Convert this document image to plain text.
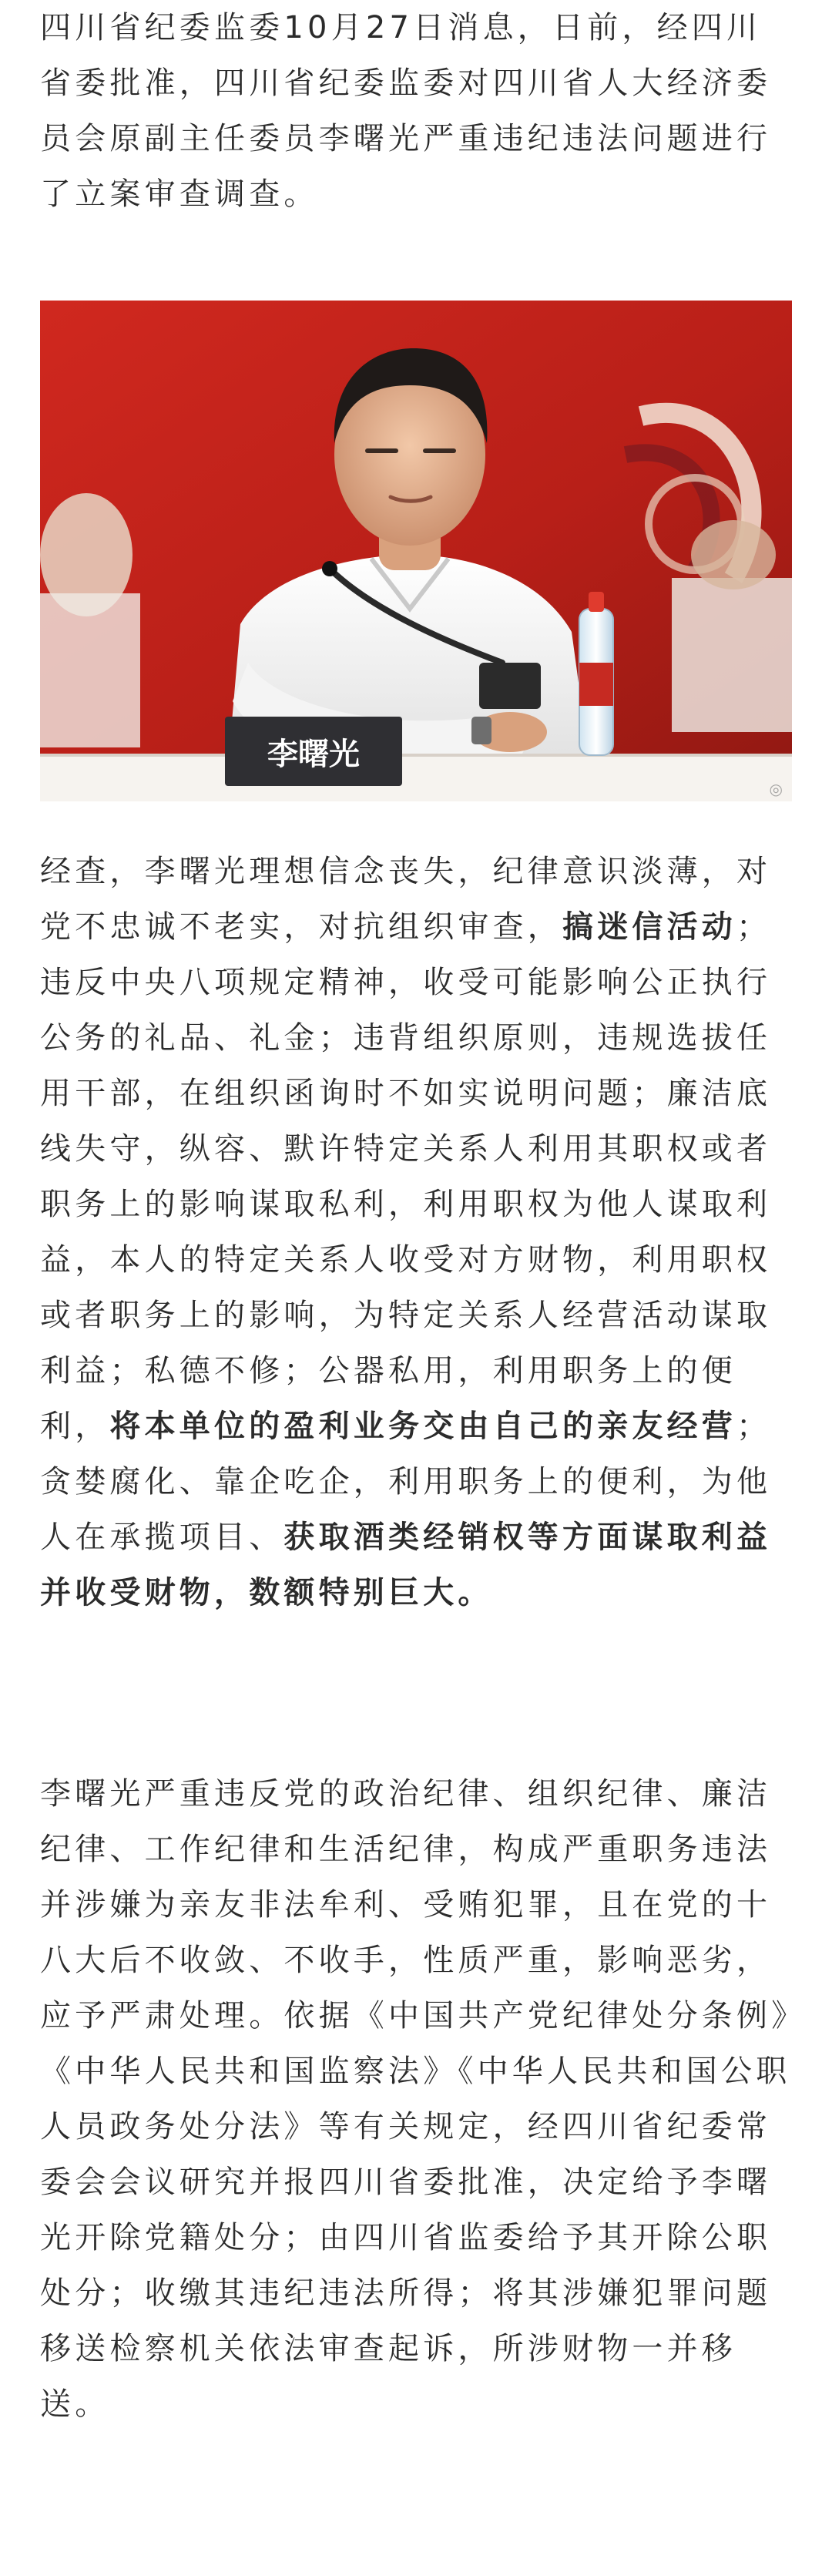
四川省纪委监委10月27日消息，日前，经四川省委批准，四川省纪委监委对四川省人大经济委员会原副主任委员李曙光严重违纪违法问题进行了立案审查调查。

李曙光
◎

经查，李曙光理想信念丧失，纪律意识淡薄，对党不忠诚不老实，对抗组织审查，搞迷信活动；违反中央八项规定精神，收受可能影响公正执行公务的礼品、礼金；违背组织原则，违规选拔任用干部，在组织函询时不如实说明问题；廉洁底线失守，纵容、默许特定关系人利用其职权或者职务上的影响谋取私利，利用职权为他人谋取利益，本人的特定关系人收受对方财物，利用职权或者职务上的影响，为特定关系人经营活动谋取利益；私德不修；公器私用，利用职务上的便利，将本单位的盈利业务交由自己的亲友经营；贪婪腐化、靠企吃企，利用职务上的便利，为他人在承揽项目、获取酒类经销权等方面谋取利益并收受财物，数额特别巨大。

李曙光严重违反党的政治纪律、组织纪律、廉洁纪律、工作纪律和生活纪律，构成严重职务违法并涉嫌为亲友非法牟利、受贿犯罪，且在党的十八大后不收敛、不收手，性质严重，影响恶劣，应予严肃处理。依据《中国共产党纪律处分条例》《中华人民共和国监察法》《中华人民共和国公职人员政务处分法》等有关规定，经四川省纪委常委会会议研究并报四川省委批准，决定给予李曙光开除党籍处分；由四川省监委给予其开除公职处分；收缴其违纪违法所得；将其涉嫌犯罪问题移送检察机关依法审查起诉，所涉财物一并移送。
